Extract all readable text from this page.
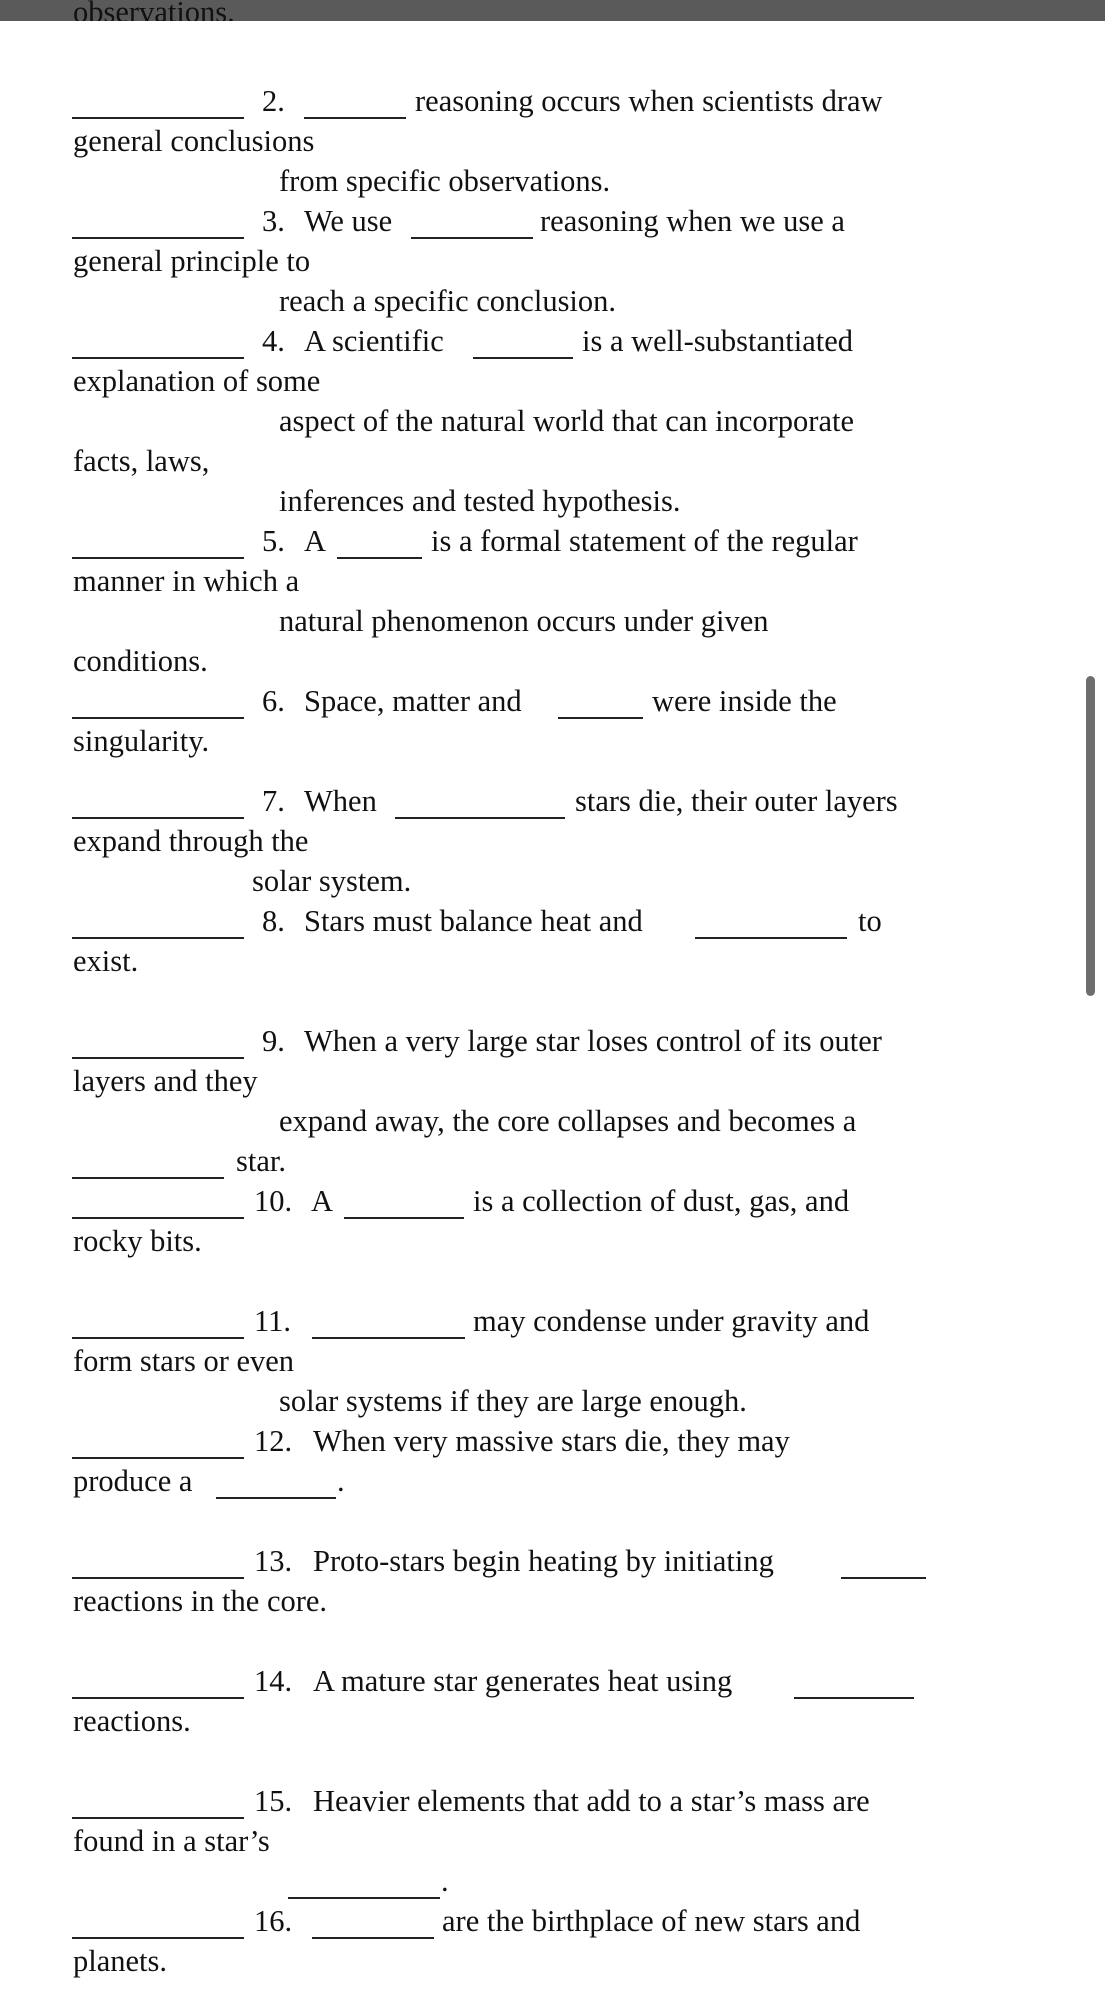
observations.
2.	reasoning occurs when scientists draw
general conclusions
from specific observations.
3. We use	reasoning when we use a
general principle to
reach a specific conclusion.
4. A scientific	is a well-substantiated
explanation of some
aspect of the natural world that can incorporate
facts, laws,
inferences and tested hypothesis.
5. A	is a formal statement of the regular
manner in which a
natural phenomenon occurs under given
conditions.
6. Space, matter and	were inside the
singularity.
7. When	stars die, their outer layers
expand through the
solar system.
8. Stars must balance heat and	to
exist.
9. When a very large star loses control of its outer
layers and they
expand away, the core collapses and becomes a
star.
10. A	is a collection of dust, gas, and
rocky bits.
11.	may condense under gravity and
form stars or even
solar systems if they are large enough.
12. When very massive stars die, they may
produce a	.
13. Proto-stars begin heating by initiating
reactions in the core.
14. A mature star generates heat using
reactions.
15. Heavier elements that add to a star’s mass are
found in a star’s
.
16.	are the birthplace of new stars and
planets.
